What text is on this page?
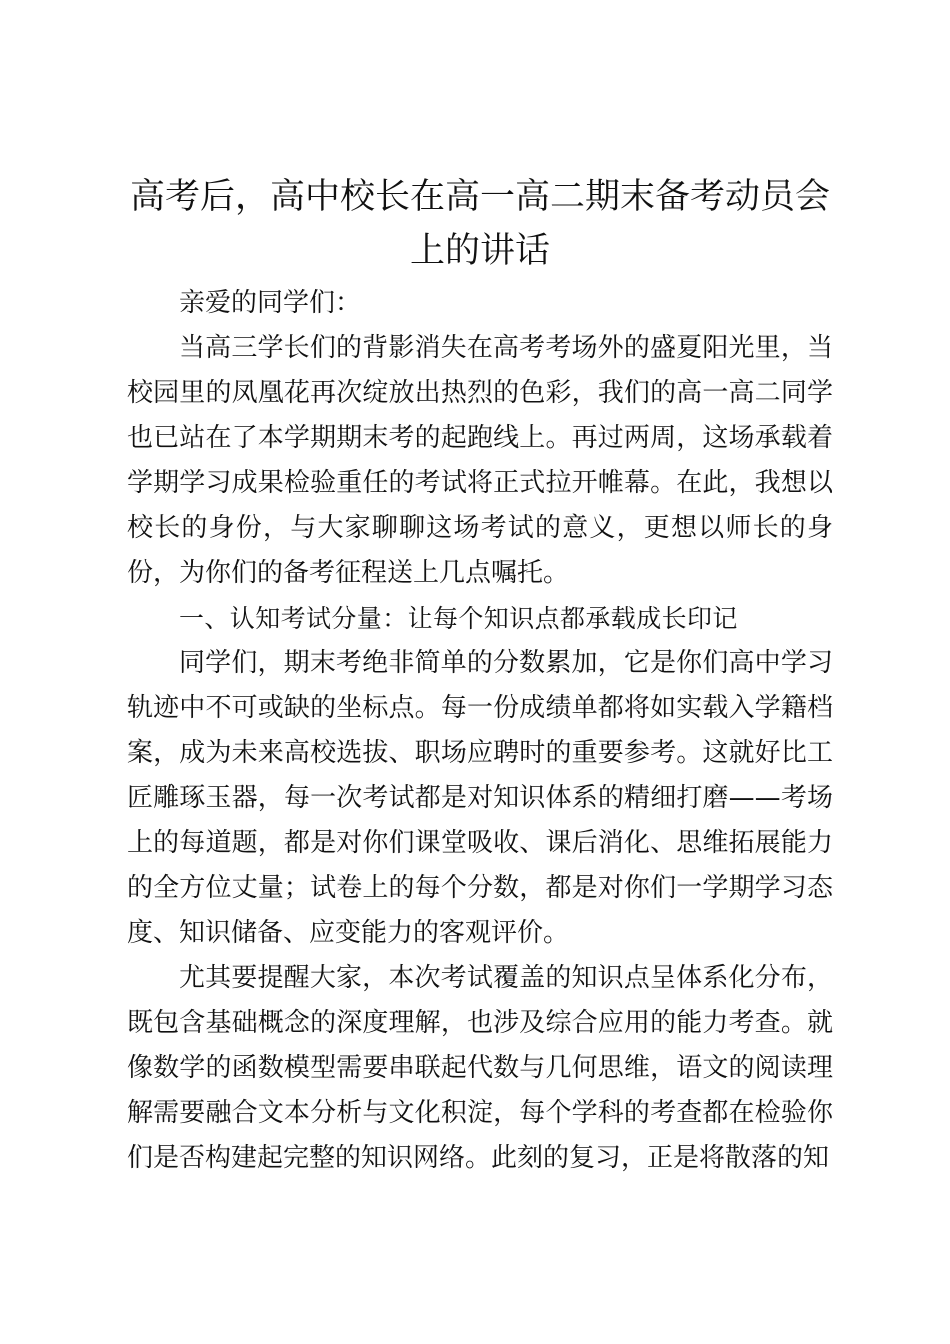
高考后，高中校长在高一高二期末备考动员会上的讲话

亲爱的同学们：

当高三学长们的背影消失在高考考场外的盛夏阳光里，当校园里的凤凰花再次绽放出热烈的色彩，我们的高一高二同学也已站在了本学期期末考的起跑线上。再过两周，这场承载着学期学习成果检验重任的考试将正式拉开帷幕。在此，我想以校长的身份，与大家聊聊这场考试的意义，更想以师长的身份，为你们的备考征程送上几点嘱托。

一、认知考试分量：让每个知识点都承载成长印记

同学们，期末考绝非简单的分数累加，它是你们高中学习轨迹中不可或缺的坐标点。每一份成绩单都将如实载入学籍档案，成为未来高校选拔、职场应聘时的重要参考。这就好比工匠雕琢玉器，每一次考试都是对知识体系的精细打磨——考场上的每道题，都是对你们课堂吸收、课后消化、思维拓展能力的全方位丈量；试卷上的每个分数，都是对你们一学期学习态度、知识储备、应变能力的客观评价。

尤其要提醒大家，本次考试覆盖的知识点呈体系化分布，既包含基础概念的深度理解，也涉及综合应用的能力考查。就像数学的函数模型需要串联起代数与几何思维，语文的阅读理解需要融合文本分析与文化积淀，每个学科的考查都在检验你们是否构建起完整的知识网络。此刻的复习，正是将散落的知
